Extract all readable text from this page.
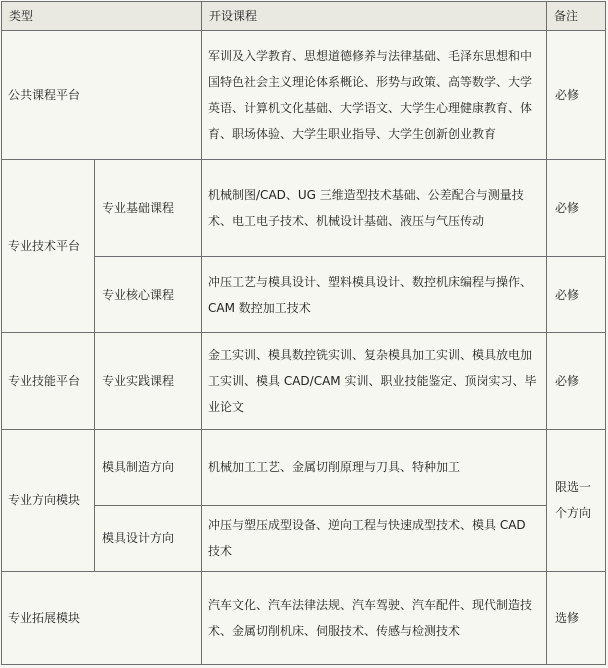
类型		开设课程	备注
公共课程平台		军训及入学教育、思想道德修养与法律基础、毛泽东思想和中国特色社会主义理论体系概论、形势与政策、高等数学、大学英语、计算机文化基础、大学语文、大学生心理健康教育、体育、职场体验、大学生职业指导、大学生创新创业教育	必修
专业技术平台	专业基础课程	机械制图/CAD、UG 三维造型技术基础、公差配合与测量技术、电工电子技术、机械设计基础、液压与气压传动	必修
	专业核心课程	冲压工艺与模具设计、塑料模具设计、数控机床编程与操作、CAM 数控加工技术	必修
专业技能平台	专业实践课程	金工实训、模具数控铣实训、复杂模具加工实训、模具放电加工实训、模具 CAD/CAM 实训、职业技能鉴定、顶岗实习、毕业论文	必修
专业方向模块	模具制造方向	机械加工工艺、金属切削原理与刀具、特种加工	限选一个方向
	模具设计方向	冲压与塑压成型设备、逆向工程与快速成型技术、模具 CAD 技术	
专业拓展模块		汽车文化、汽车法律法规、汽车驾驶、汽车配件、现代制造技术、金属切削机床、伺服技术、传感与检测技术	选修
